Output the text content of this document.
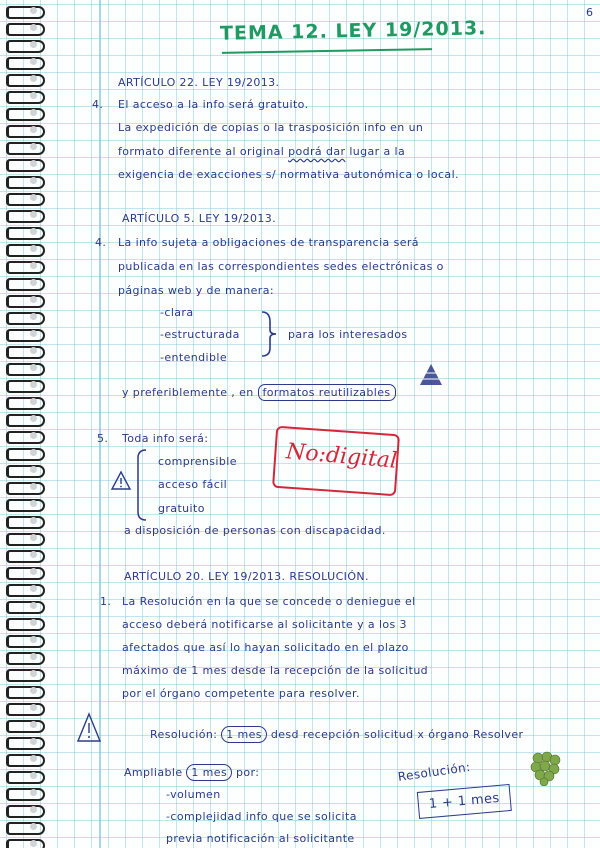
6
TEMA 12. LEY 19/2013.
ARTÍCULO 22. LEY 19/2013.
4. El acceso a la info será gratuito.
La expedición de copias o la trasposición info en un
formato diferente al original podrá dar lugar a la
exigencia de exacciones s/ normativa autonómica o local.
ARTÍCULO 5. LEY 19/2013.
4. La info sujeta a obligaciones de transparencia será
publicada en las correspondientes sedes electrónicas o
páginas web y de manera:
-clara
-estructurada
-entendible
para los interesados
y preferiblemente , en formatos reutilizables
5. Toda info será:
comprensible
acceso fácil
gratuito
a disposición de personas con discapacidad.
No:digital
ARTÍCULO 20. LEY 19/2013. RESOLUCIÓN.
1. La Resolución en la que se concede o deniegue el
acceso deberá notificarse al solicitante y a los 3
afectados que así lo hayan solicitado en el plazo
máximo de 1 mes desde la recepción de la solicitud
por el órgano competente para resolver.
Resolución: 1 mes desd recepción solicitud x órgano Resolver
Ampliable 1 mes por:
-volumen
-complejidad info que se solicita
previa notificación al solicitante
Resolución:
1 + 1 mes
